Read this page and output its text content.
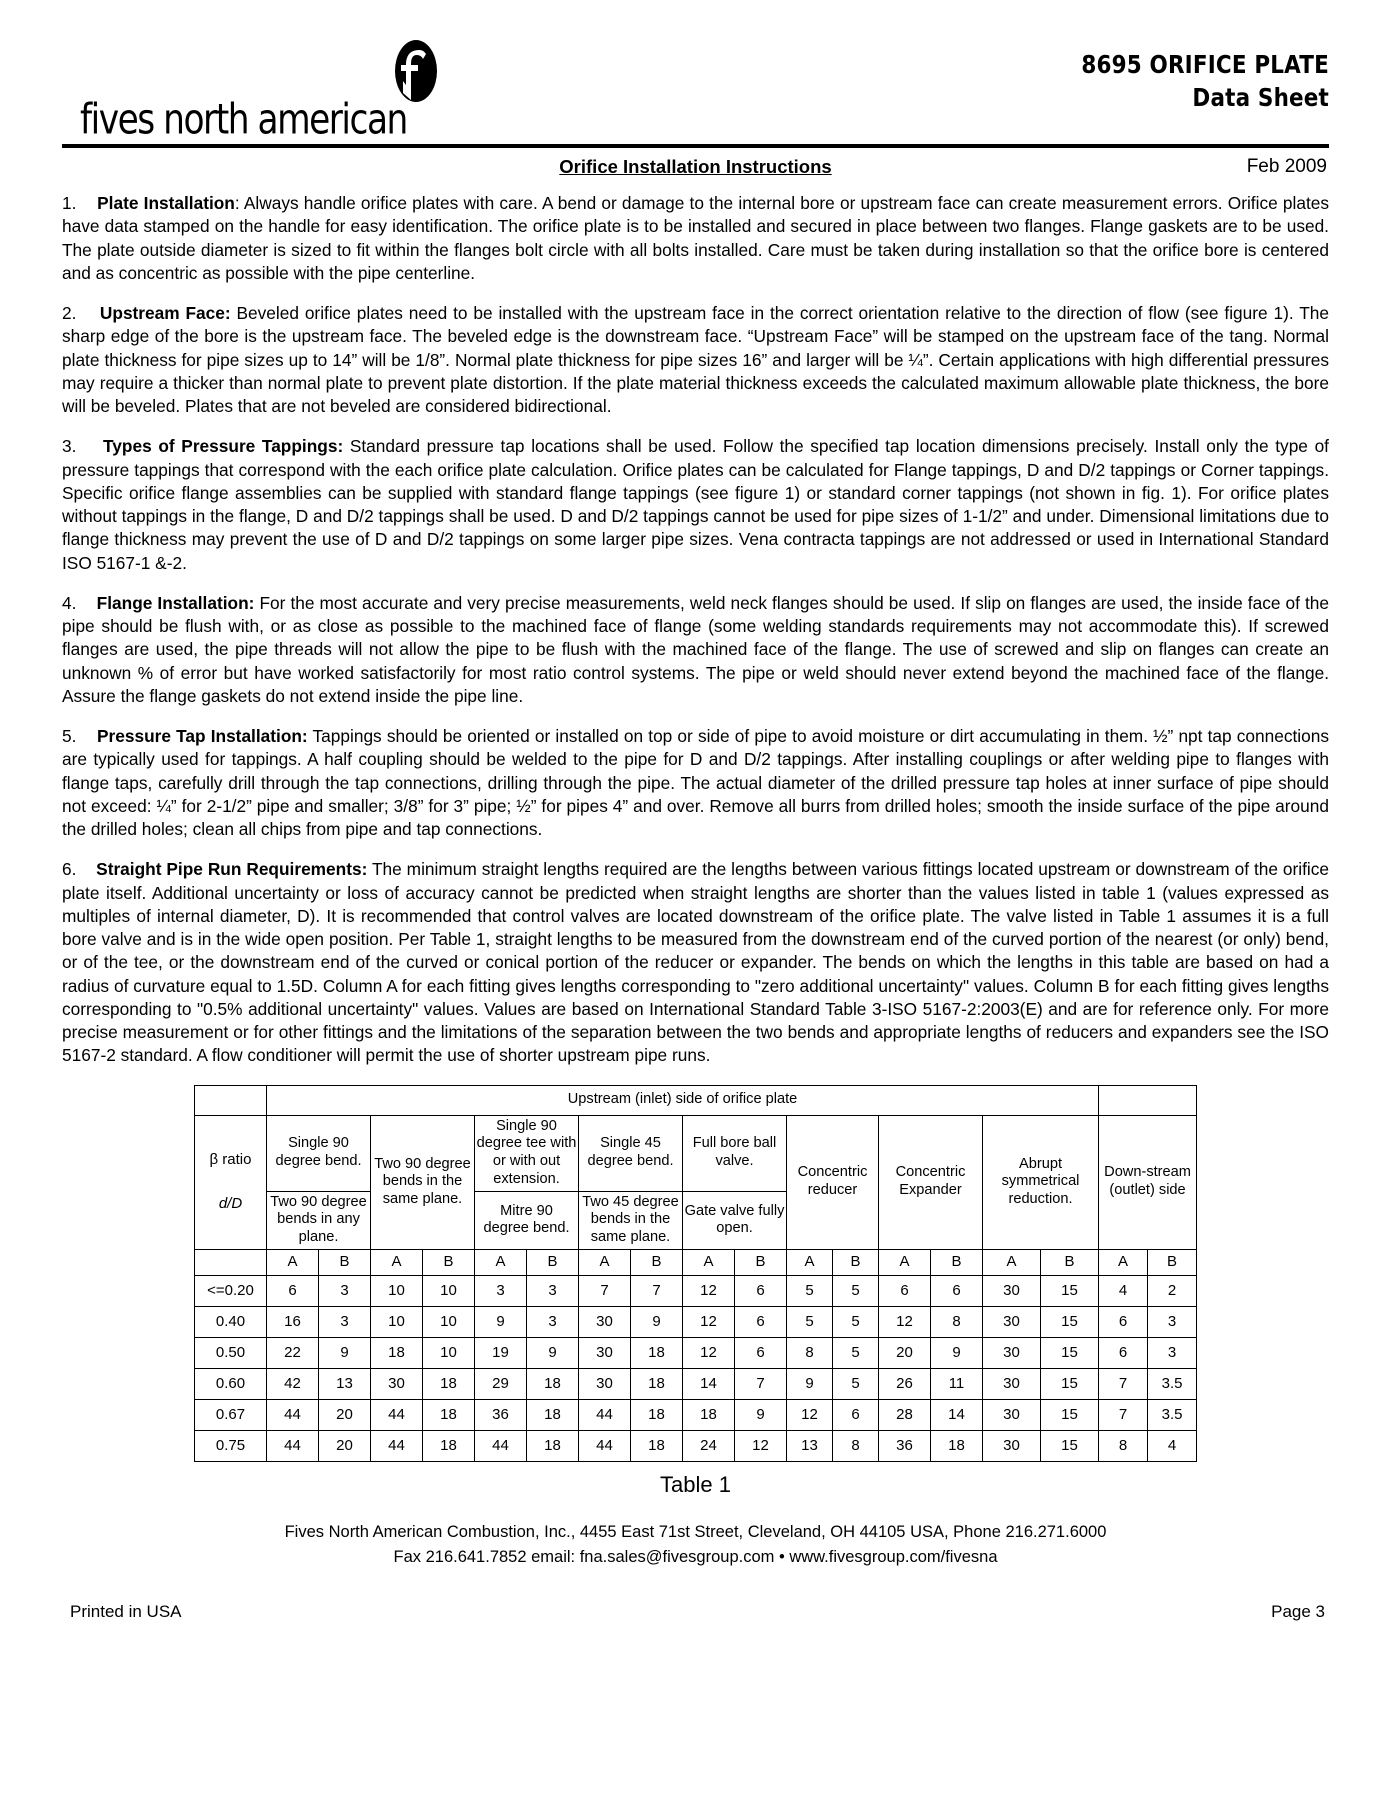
fives north american
8695 ORIFICE PLATE
Data Sheet
Feb 2009
Orifice Installation Instructions

1. Plate Installation: Always handle orifice plates with care. A bend or damage to the internal bore or upstream face can create measurement errors. Orifice plates have data stamped on the handle for easy identification. The orifice plate is to be installed and secured in place between two flanges. Flange gaskets are to be used. The plate outside diameter is sized to fit within the flanges bolt circle with all bolts installed. Care must be taken during installation so that the orifice bore is centered and as concentric as possible with the pipe centerline.

2. Upstream Face: Beveled orifice plates need to be installed with the upstream face in the correct orientation relative to the direction of flow (see figure 1). The sharp edge of the bore is the upstream face. The beveled edge is the downstream face. “Upstream Face” will be stamped on the upstream face of the tang. Normal plate thickness for pipe sizes up to 14” will be 1/8”. Normal plate thickness for pipe sizes 16” and larger will be ¼”. Certain applications with high differential pressures may require a thicker than normal plate to prevent plate distortion. If the plate material thickness exceeds the calculated maximum allowable plate thickness, the bore will be beveled. Plates that are not beveled are considered bidirectional.

3. Types of Pressure Tappings: Standard pressure tap locations shall be used. Follow the specified tap location dimensions precisely. Install only the type of pressure tappings that correspond with the each orifice plate calculation. Orifice plates can be calculated for Flange tappings, D and D/2 tappings or Corner tappings. Specific orifice flange assemblies can be supplied with standard flange tappings (see figure 1) or standard corner tappings (not shown in fig. 1). For orifice plates without tappings in the flange, D and D/2 tappings shall be used. D and D/2 tappings cannot be used for pipe sizes of 1-1/2” and under. Dimensional limitations due to flange thickness may prevent the use of D and D/2 tappings on some larger pipe sizes. Vena contracta tappings are not addressed or used in International Standard ISO 5167-1 &-2.

4. Flange Installation: For the most accurate and very precise measurements, weld neck flanges should be used. If slip on flanges are used, the inside face of the pipe should be flush with, or as close as possible to the machined face of flange (some welding standards requirements may not accommodate this). If screwed flanges are used, the pipe threads will not allow the pipe to be flush with the machined face of the flange. The use of screwed and slip on flanges can create an unknown % of error but have worked satisfactorily for most ratio control systems. The pipe or weld should never extend beyond the machined face of the flange. Assure the flange gaskets do not extend inside the pipe line.

5. Pressure Tap Installation: Tappings should be oriented or installed on top or side of pipe to avoid moisture or dirt accumulating in them. ½” npt tap connections are typically used for tappings. A half coupling should be welded to the pipe for D and D/2 tappings. After installing couplings or after welding pipe to flanges with flange taps, carefully drill through the tap connections, drilling through the pipe. The actual diameter of the drilled pressure tap holes at inner surface of pipe should not exceed: ¼” for 2-1/2” pipe and smaller; 3/8” for 3” pipe; ½” for pipes 4” and over. Remove all burrs from drilled holes; smooth the inside surface of the pipe around the drilled holes; clean all chips from pipe and tap connections.

6. Straight Pipe Run Requirements: The minimum straight lengths required are the lengths between various fittings located upstream or downstream of the orifice plate itself. Additional uncertainty or loss of accuracy cannot be predicted when straight lengths are shorter than the values listed in table 1 (values expressed as multiples of internal diameter, D). It is recommended that control valves are located downstream of the orifice plate. The valve listed in Table 1 assumes it is a full bore valve and is in the wide open position. Per Table 1, straight lengths to be measured from the downstream end of the curved portion of the nearest (or only) bend, or of the tee, or the downstream end of the curved or conical portion of the reducer or expander. The bends on which the lengths in this table are based on had a radius of curvature equal to 1.5D. Column A for each fitting gives lengths corresponding to "zero additional uncertainty" values. Column B for each fitting gives lengths corresponding to "0.5% additional uncertainty" values. Values are based on International Standard Table 3-ISO 5167-2:2003(E) and are for reference only. For more precise measurement or for other fittings and the limitations of the separation between the two bends and appropriate lengths of reducers and expanders see the ISO 5167-2 standard. A flow conditioner will permit the use of shorter upstream pipe runs.

	Upstream (inlet) side of orifice plate																	

β ratio
d/D	Single 90 degree bend.		Two 90 degree bends in the same plane.		Single 90 degree tee with or with out extension.		Single 45 degree bend.		Full bore ball valve.		Concentric reducer		Concentric Expander		Abrupt symmetrical reduction.		Down-stream (outlet) side	
	Two 90 degree bends in any plane.				Mitre 90 degree bend.		Two 45 degree bends in the same plane.		Gate valve fully open.									
	A	B	A	B	A	B	A	B	A	B	A	B	A	B	A	B	A	B
<=0.20	6	3	10	10	3	3	7	7	12	6	5	5	6	6	30	15	4	2
0.40	16	3	10	10	9	3	30	9	12	6	5	5	12	8	30	15	6	3
0.50	22	9	18	10	19	9	30	18	12	6	8	5	20	9	30	15	6	3
0.60	42	13	30	18	29	18	30	18	14	7	9	5	26	11	30	15	7	3.5
0.67	44	20	44	18	36	18	44	18	18	9	12	6	28	14	30	15	7	3.5
0.75	44	20	44	18	44	18	44	18	24	12	13	8	36	18	30	15	8	4
Table 1
Fives North American Combustion, Inc., 4455 East 71st Street, Cleveland, OH 44105 USA, Phone 216.271.6000
Fax 216.641.7852 email: fna.sales@fivesgroup.com • www.fivesgroup.com/fivesna
Printed in USA	Page 3
